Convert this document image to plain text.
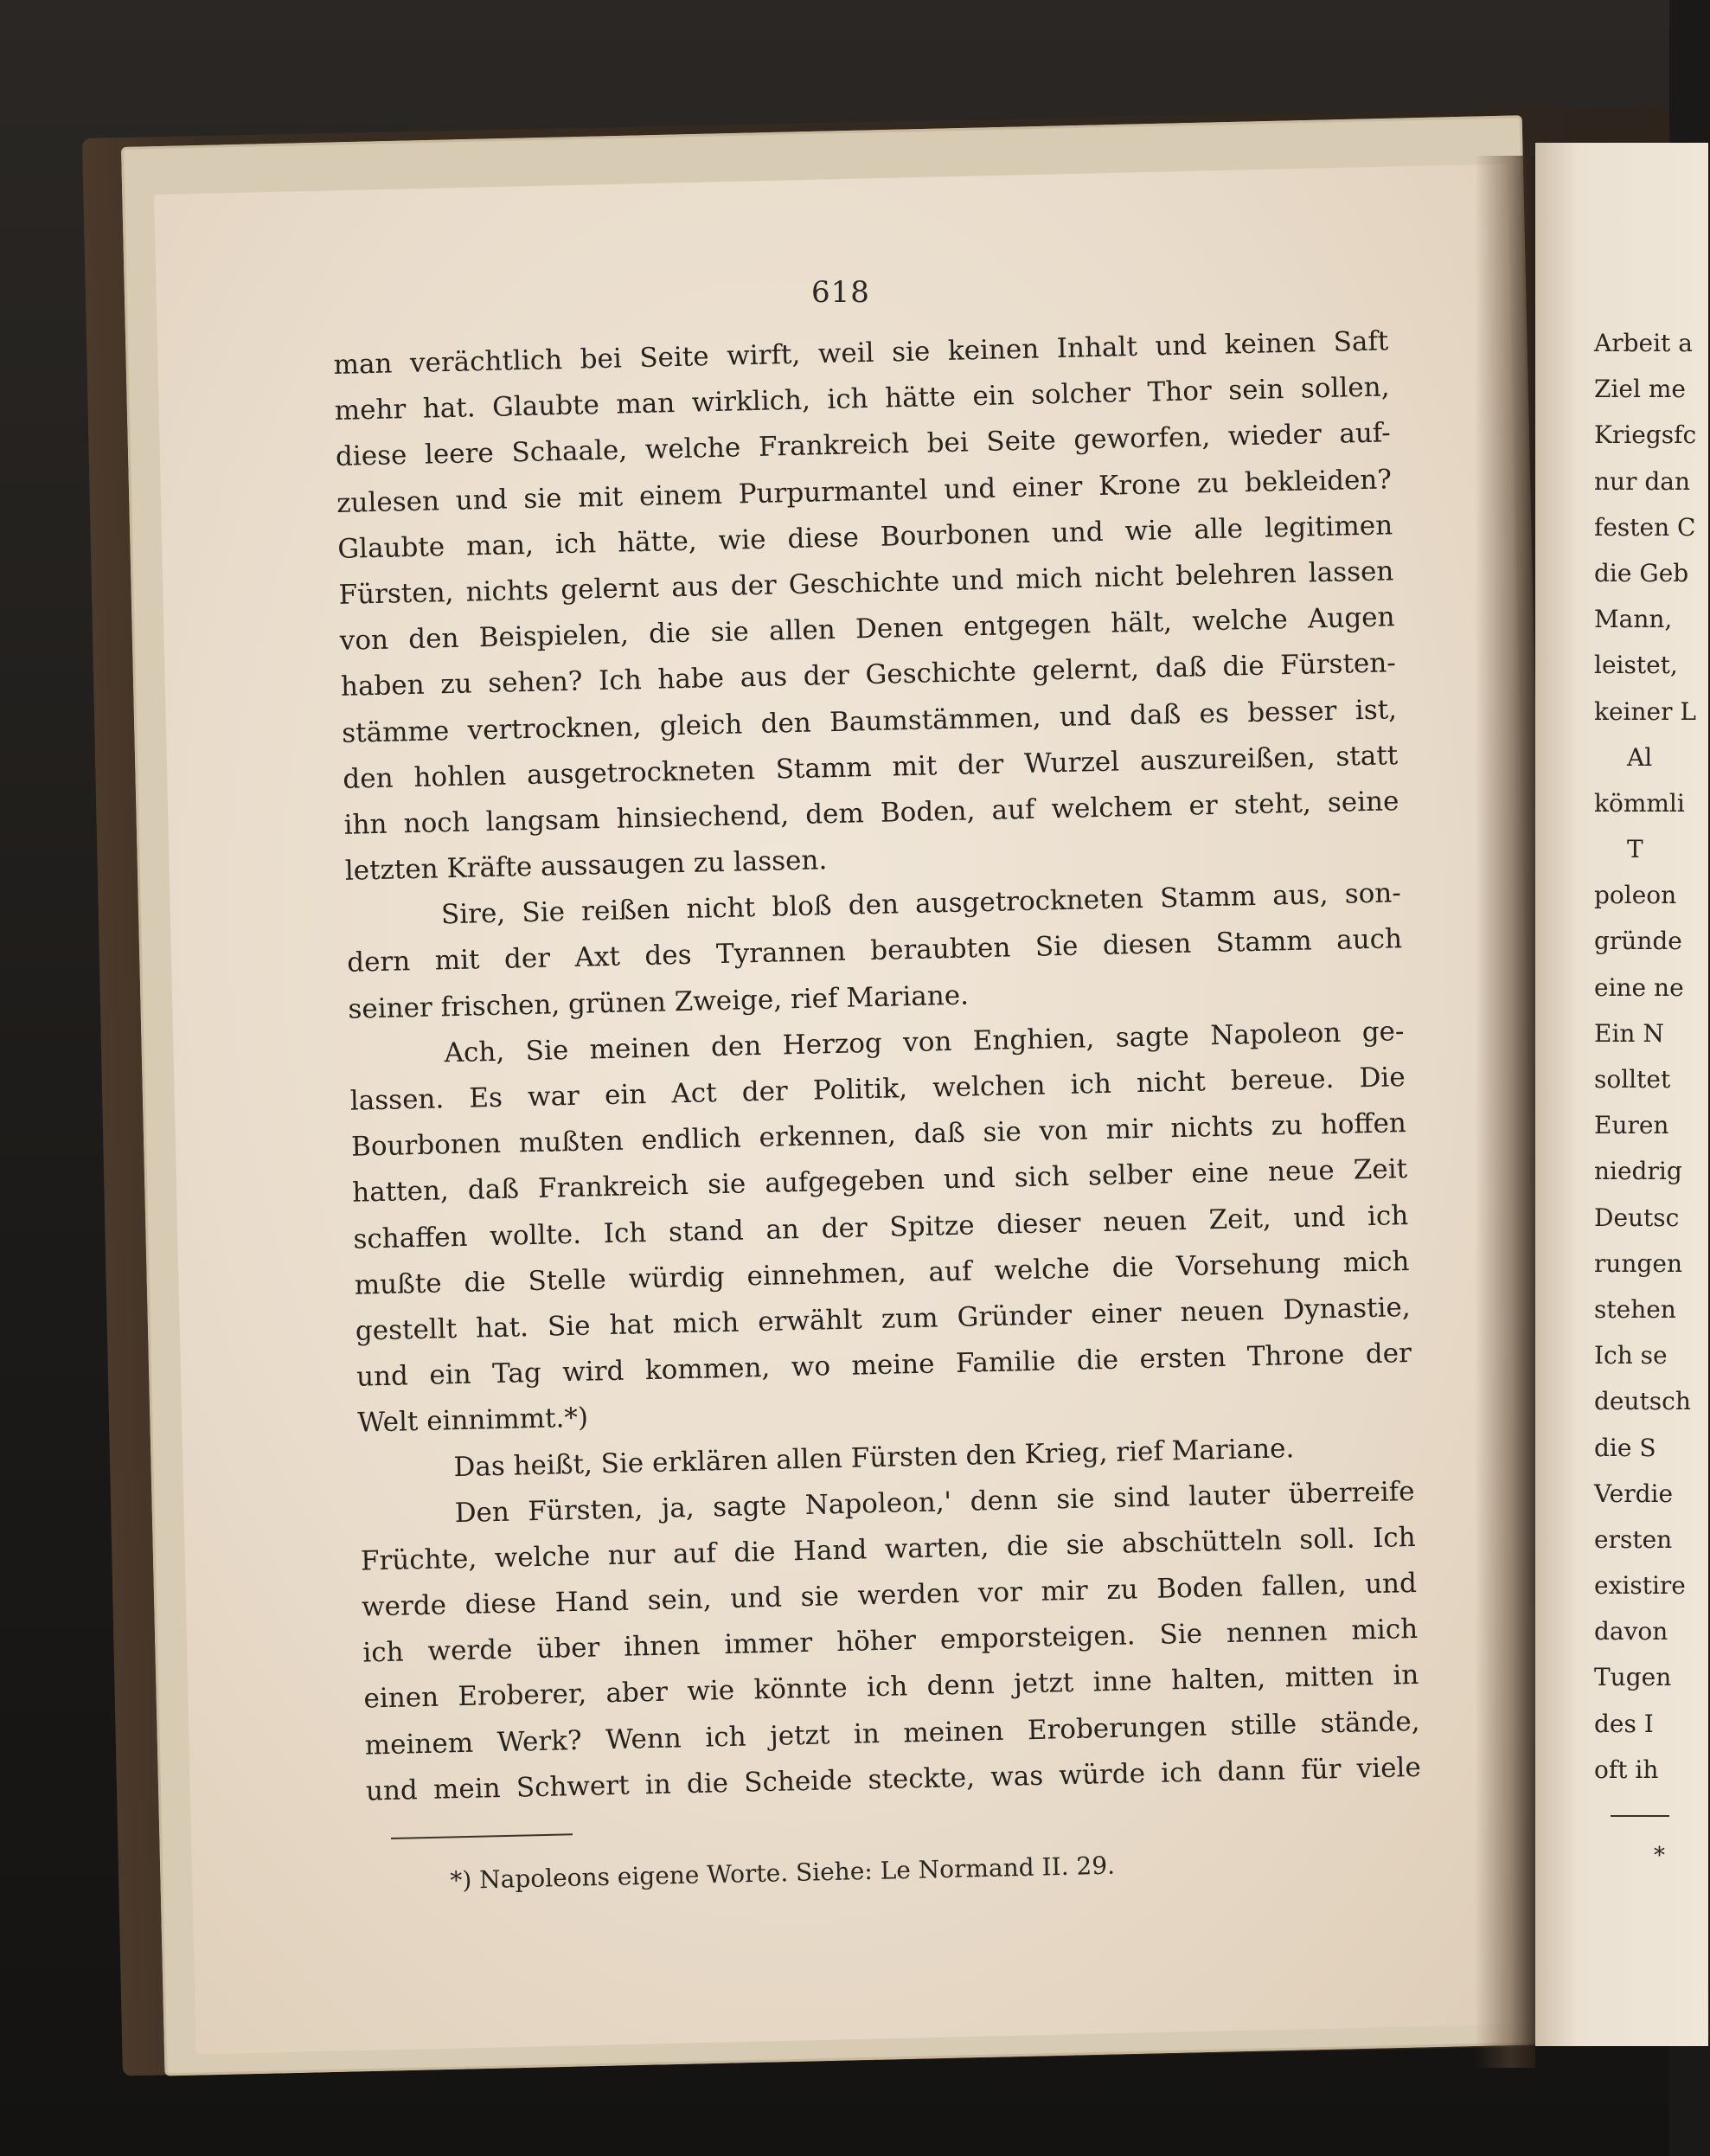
618
man verächtlich bei Seite wirft, weil sie keinen Inhalt und keinen Saft
mehr hat. Glaubte man wirklich, ich hätte ein solcher Thor sein sollen,
diese leere Schaale, welche Frankreich bei Seite geworfen, wieder auf-
zulesen und sie mit einem Purpurmantel und einer Krone zu bekleiden?
Glaubte man, ich hätte, wie diese Bourbonen und wie alle legitimen
Fürsten, nichts gelernt aus der Geschichte und mich nicht belehren lassen
von den Beispielen, die sie allen Denen entgegen hält, welche Augen
haben zu sehen? Ich habe aus der Geschichte gelernt, daß die Fürsten-
stämme vertrocknen, gleich den Baumstämmen, und daß es besser ist,
den hohlen ausgetrockneten Stamm mit der Wurzel auszureißen, statt
ihn noch langsam hinsiechend, dem Boden, auf welchem er steht, seine
letzten Kräfte aussaugen zu lassen.
Sire, Sie reißen nicht bloß den ausgetrockneten Stamm aus, son-
dern mit der Axt des Tyrannen beraubten Sie diesen Stamm auch
seiner frischen, grünen Zweige, rief Mariane.
Ach, Sie meinen den Herzog von Enghien, sagte Napoleon ge-
lassen. Es war ein Act der Politik, welchen ich nicht bereue. Die
Bourbonen mußten endlich erkennen, daß sie von mir nichts zu hoffen
hatten, daß Frankreich sie aufgegeben und sich selber eine neue Zeit
schaffen wollte. Ich stand an der Spitze dieser neuen Zeit, und ich
mußte die Stelle würdig einnehmen, auf welche die Vorsehung mich
gestellt hat. Sie hat mich erwählt zum Gründer einer neuen Dynastie,
und ein Tag wird kommen, wo meine Familie die ersten Throne der
Welt einnimmt.*)
Das heißt, Sie erklären allen Fürsten den Krieg, rief Mariane.
Den Fürsten, ja, sagte Napoleon,' denn sie sind lauter überreife
Früchte, welche nur auf die Hand warten, die sie abschütteln soll. Ich
werde diese Hand sein, und sie werden vor mir zu Boden fallen, und
ich werde über ihnen immer höher emporsteigen. Sie nennen mich
einen Eroberer, aber wie könnte ich denn jetzt inne halten, mitten in
meinem Werk? Wenn ich jetzt in meinen Eroberungen stille stände,
und mein Schwert in die Scheide steckte, was würde ich dann für viele
*) Napoleons eigene Worte. Siehe: Le Normand II. 29.
Arbeit a
Ziel me
Kriegsfc
nur dan
festen C
die Geb
Mann,
leistet,
keiner L
Al
kömmli
T
poleon
gründe
eine ne
Ein N
solltet
Euren
niedrig
Deutsc
rungen
stehen
Ich se
deutsch
die S
Verdie
ersten
existire
davon
Tugen
des I
oft ih
*
